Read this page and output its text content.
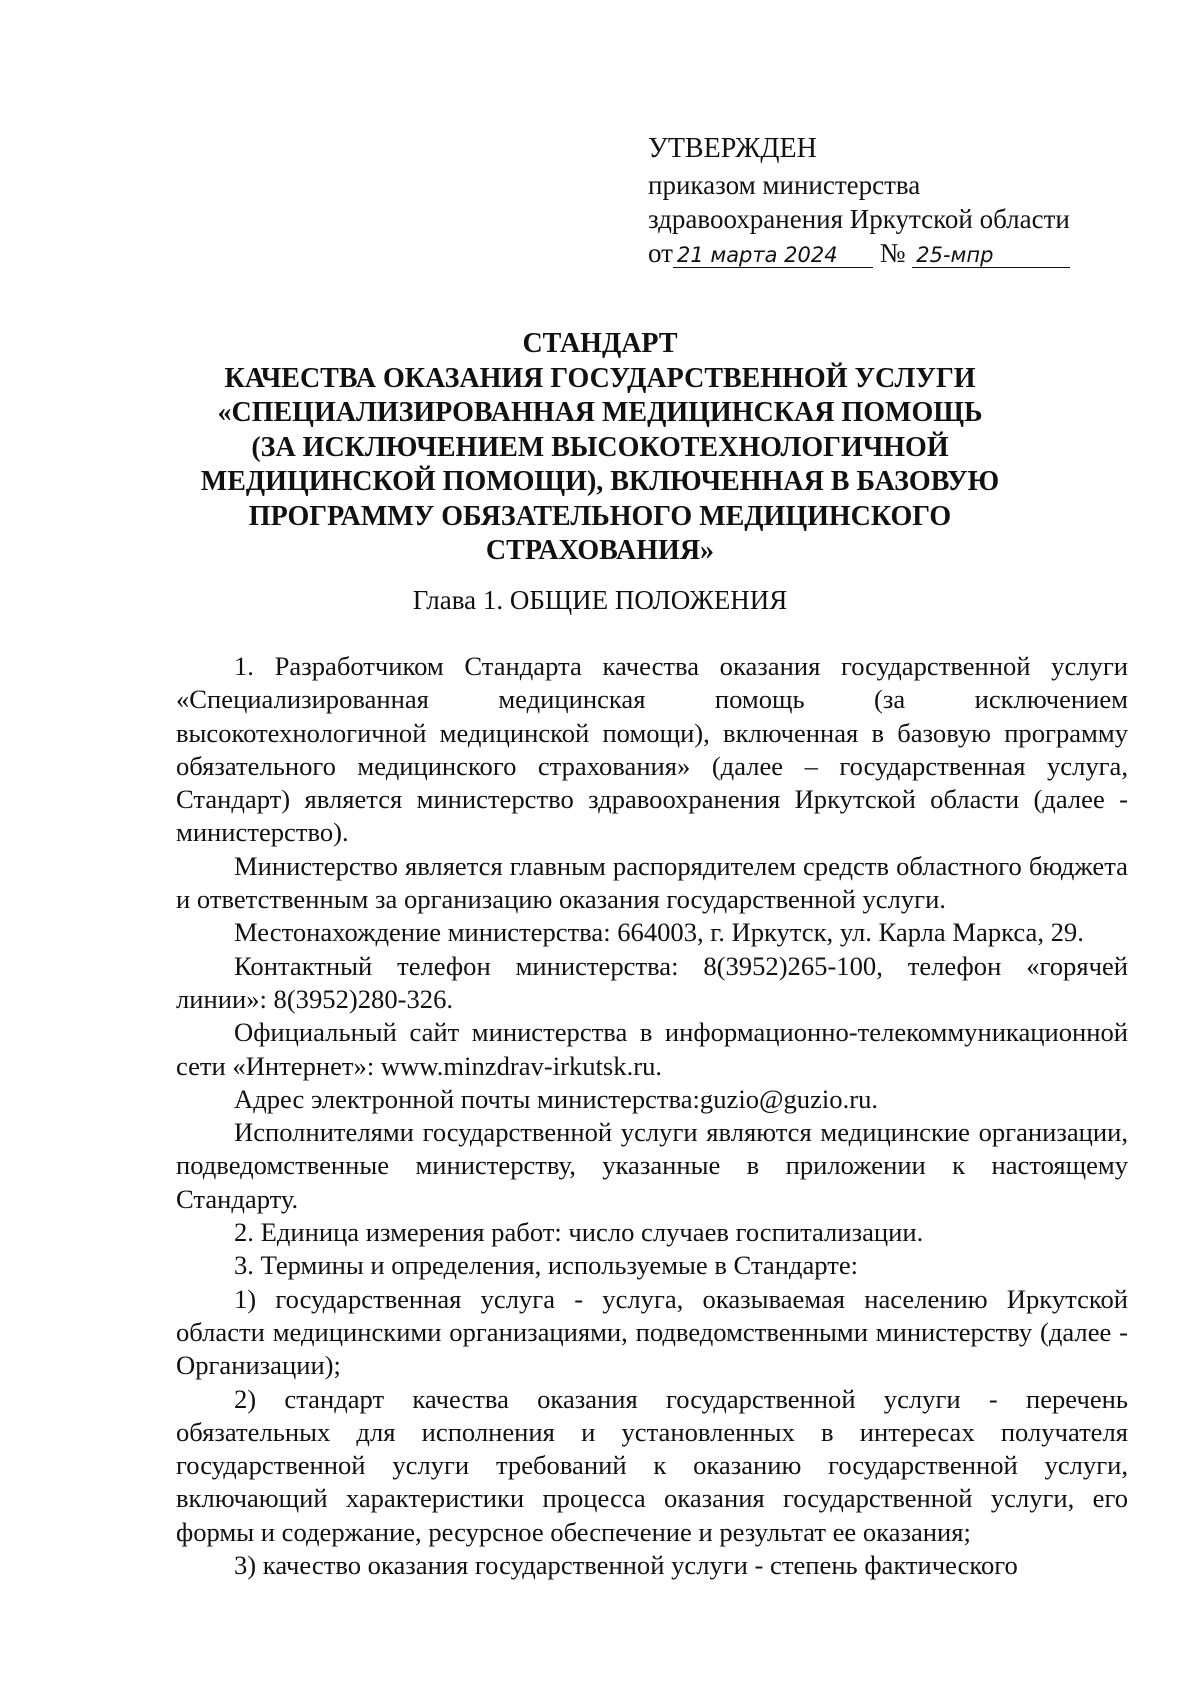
УТВЕРЖДЕН
приказом министерства
здравоохранения Иркутской области
от 21 марта 2024 № 25-мпр
СТАНДАРТ
КАЧЕСТВА ОКАЗАНИЯ ГОСУДАРСТВЕННОЙ УСЛУГИ
«СПЕЦИАЛИЗИРОВАННАЯ МЕДИЦИНСКАЯ ПОМОЩЬ
(ЗА ИСКЛЮЧЕНИЕМ ВЫСОКОТЕХНОЛОГИЧНОЙ
МЕДИЦИНСКОЙ ПОМОЩИ), ВКЛЮЧЕННАЯ В БАЗОВУЮ
ПРОГРАММУ ОБЯЗАТЕЛЬНОГО МЕДИЦИНСКОГО
СТРАХОВАНИЯ»
Глава 1. ОБЩИЕ ПОЛОЖЕНИЯ

1. Разработчиком Стандарта качества оказания государственной услуги «Специализированная медицинская помощь (за исключением высокотехнологичной медицинской помощи), включенная в базовую программу обязательного медицинского страхования» (далее – государственная услуга, Стандарт) является министерство здравоохранения Иркутской области (далее - министерство).

Министерство является главным распорядителем средств областного бюджета и ответственным за организацию оказания государственной услуги.

Местонахождение министерства: 664003, г. Иркутск, ул. Карла Маркса, 29.

Контактный телефон министерства: 8(3952)265-100, телефон «горячей линии»: 8(3952)280-326.

Официальный сайт министерства в информационно-телекоммуникационной сети «Интернет»: www.minzdrav-irkutsk.ru.

Адрес электронной почты министерства:guzio@guzio.ru.

Исполнителями государственной услуги являются медицинские организации, подведомственные министерству, указанные в приложении к настоящему Стандарту.

2. Единица измерения работ: число случаев госпитализации.

3. Термины и определения, используемые в Стандарте:

1) государственная услуга - услуга, оказываемая населению Иркутской области медицинскими организациями, подведомственными министерству (далее - Организации);

2) стандарт качества оказания государственной услуги - перечень обязательных для исполнения и установленных в интересах получателя государственной услуги требований к оказанию государственной услуги, включающий характеристики процесса оказания государственной услуги, его формы и содержание, ресурсное обеспечение и результат ее оказания;

3) качество оказания государственной услуги - степень фактического
